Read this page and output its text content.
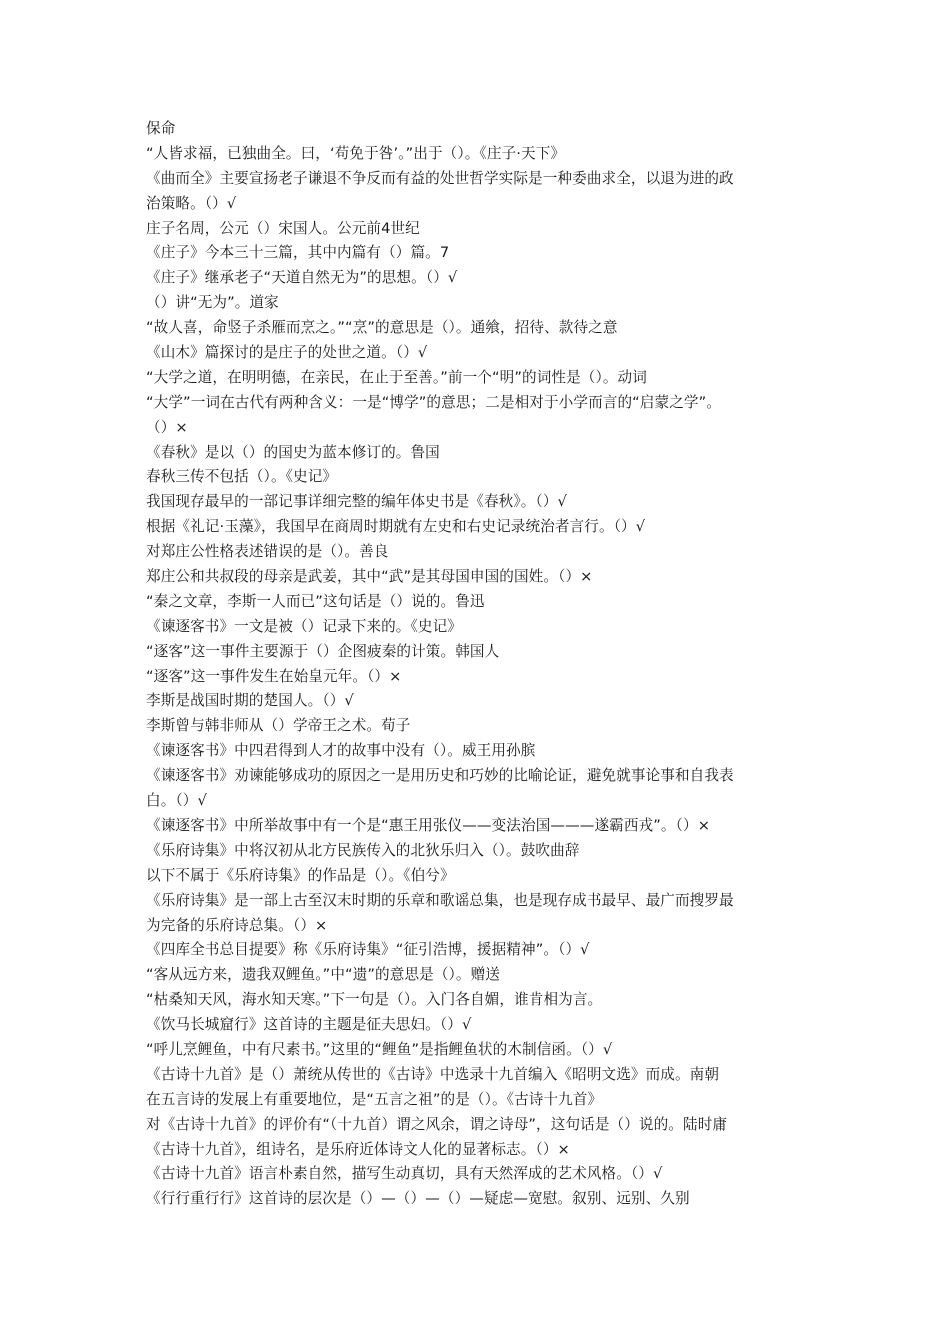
保命
“人皆求福，已独曲全。曰，‘苟免于咎’。”出于（）。《庄子·天下》
《曲而全》主要宣扬老子谦退不争反而有益的处世哲学实际是一种委曲求全，以退为进的政
治策略。（）√
庄子名周，公元（）宋国人。公元前4世纪
《庄子》今本三十三篇，其中内篇有（）篇。7
《庄子》继承老子“天道自然无为”的思想。（）√
（）讲“无为”。道家
“故人喜，命竖子杀雁而烹之。”“烹”的意思是（）。通飨，招待、款待之意
《山木》篇探讨的是庄子的处世之道。（）√
“大学之道，在明明德，在亲民，在止于至善。”前一个“明”的词性是（）。动词
“大学”一词在古代有两种含义：一是“博学”的意思；二是相对于小学而言的“启蒙之学”。
（）×
《春秋》是以（）的国史为蓝本修订的。鲁国
春秋三传不包括（）。《史记》
我国现存最早的一部记事详细完整的编年体史书是《春秋》。（）√
根据《礼记·玉藻》，我国早在商周时期就有左史和右史记录统治者言行。（）√
对郑庄公性格表述错误的是（）。善良
郑庄公和共叔段的母亲是武姜，其中“武”是其母国申国的国姓。（）×
“秦之文章，李斯一人而已”这句话是（）说的。鲁迅
《谏逐客书》一文是被（）记录下来的。《史记》
“逐客”这一事件主要源于（）企图疲秦的计策。韩国人
“逐客”这一事件发生在始皇元年。（）×
李斯是战国时期的楚国人。（）√
李斯曾与韩非师从（）学帝王之术。荀子
《谏逐客书》中四君得到人才的故事中没有（）。威王用孙膑
《谏逐客书》劝谏能够成功的原因之一是用历史和巧妙的比喻论证，避免就事论事和自我表
白。（）√
《谏逐客书》中所举故事中有一个是“惠王用张仪——变法治国———遂霸西戎”。（）×
《乐府诗集》中将汉初从北方民族传入的北狄乐归入（）。鼓吹曲辞
以下不属于《乐府诗集》的作品是（）。《伯兮》
《乐府诗集》是一部上古至汉末时期的乐章和歌谣总集，也是现存成书最早、最广而搜罗最
为完备的乐府诗总集。（）×
《四库全书总目提要》称《乐府诗集》“征引浩博，援据精神”。（）√
“客从远方来，遗我双鲤鱼。”中“遗”的意思是（）。赠送
“枯桑知天风，海水知天寒。”下一句是（）。入门各自媚，谁肯相为言。
《饮马长城窟行》这首诗的主题是征夫思妇。（）√
“呼儿烹鲤鱼，中有尺素书。”这里的“鲤鱼”是指鲤鱼状的木制信函。（）√
《古诗十九首》是（）萧统从传世的《古诗》中选录十九首编入《昭明文选》而成。南朝
在五言诗的发展上有重要地位，是“五言之祖”的是（）。《古诗十九首》
对《古诗十九首》的评价有“（十九首）谓之风余，谓之诗母”，这句话是（）说的。陆时庸
《古诗十九首》，组诗名，是乐府近体诗文人化的显著标志。（）×
《古诗十九首》语言朴素自然，描写生动真切，具有天然浑成的艺术风格。（）√
《行行重行行》这首诗的层次是（）—（）—（）—疑虑—宽慰。叙别、远别、久别
